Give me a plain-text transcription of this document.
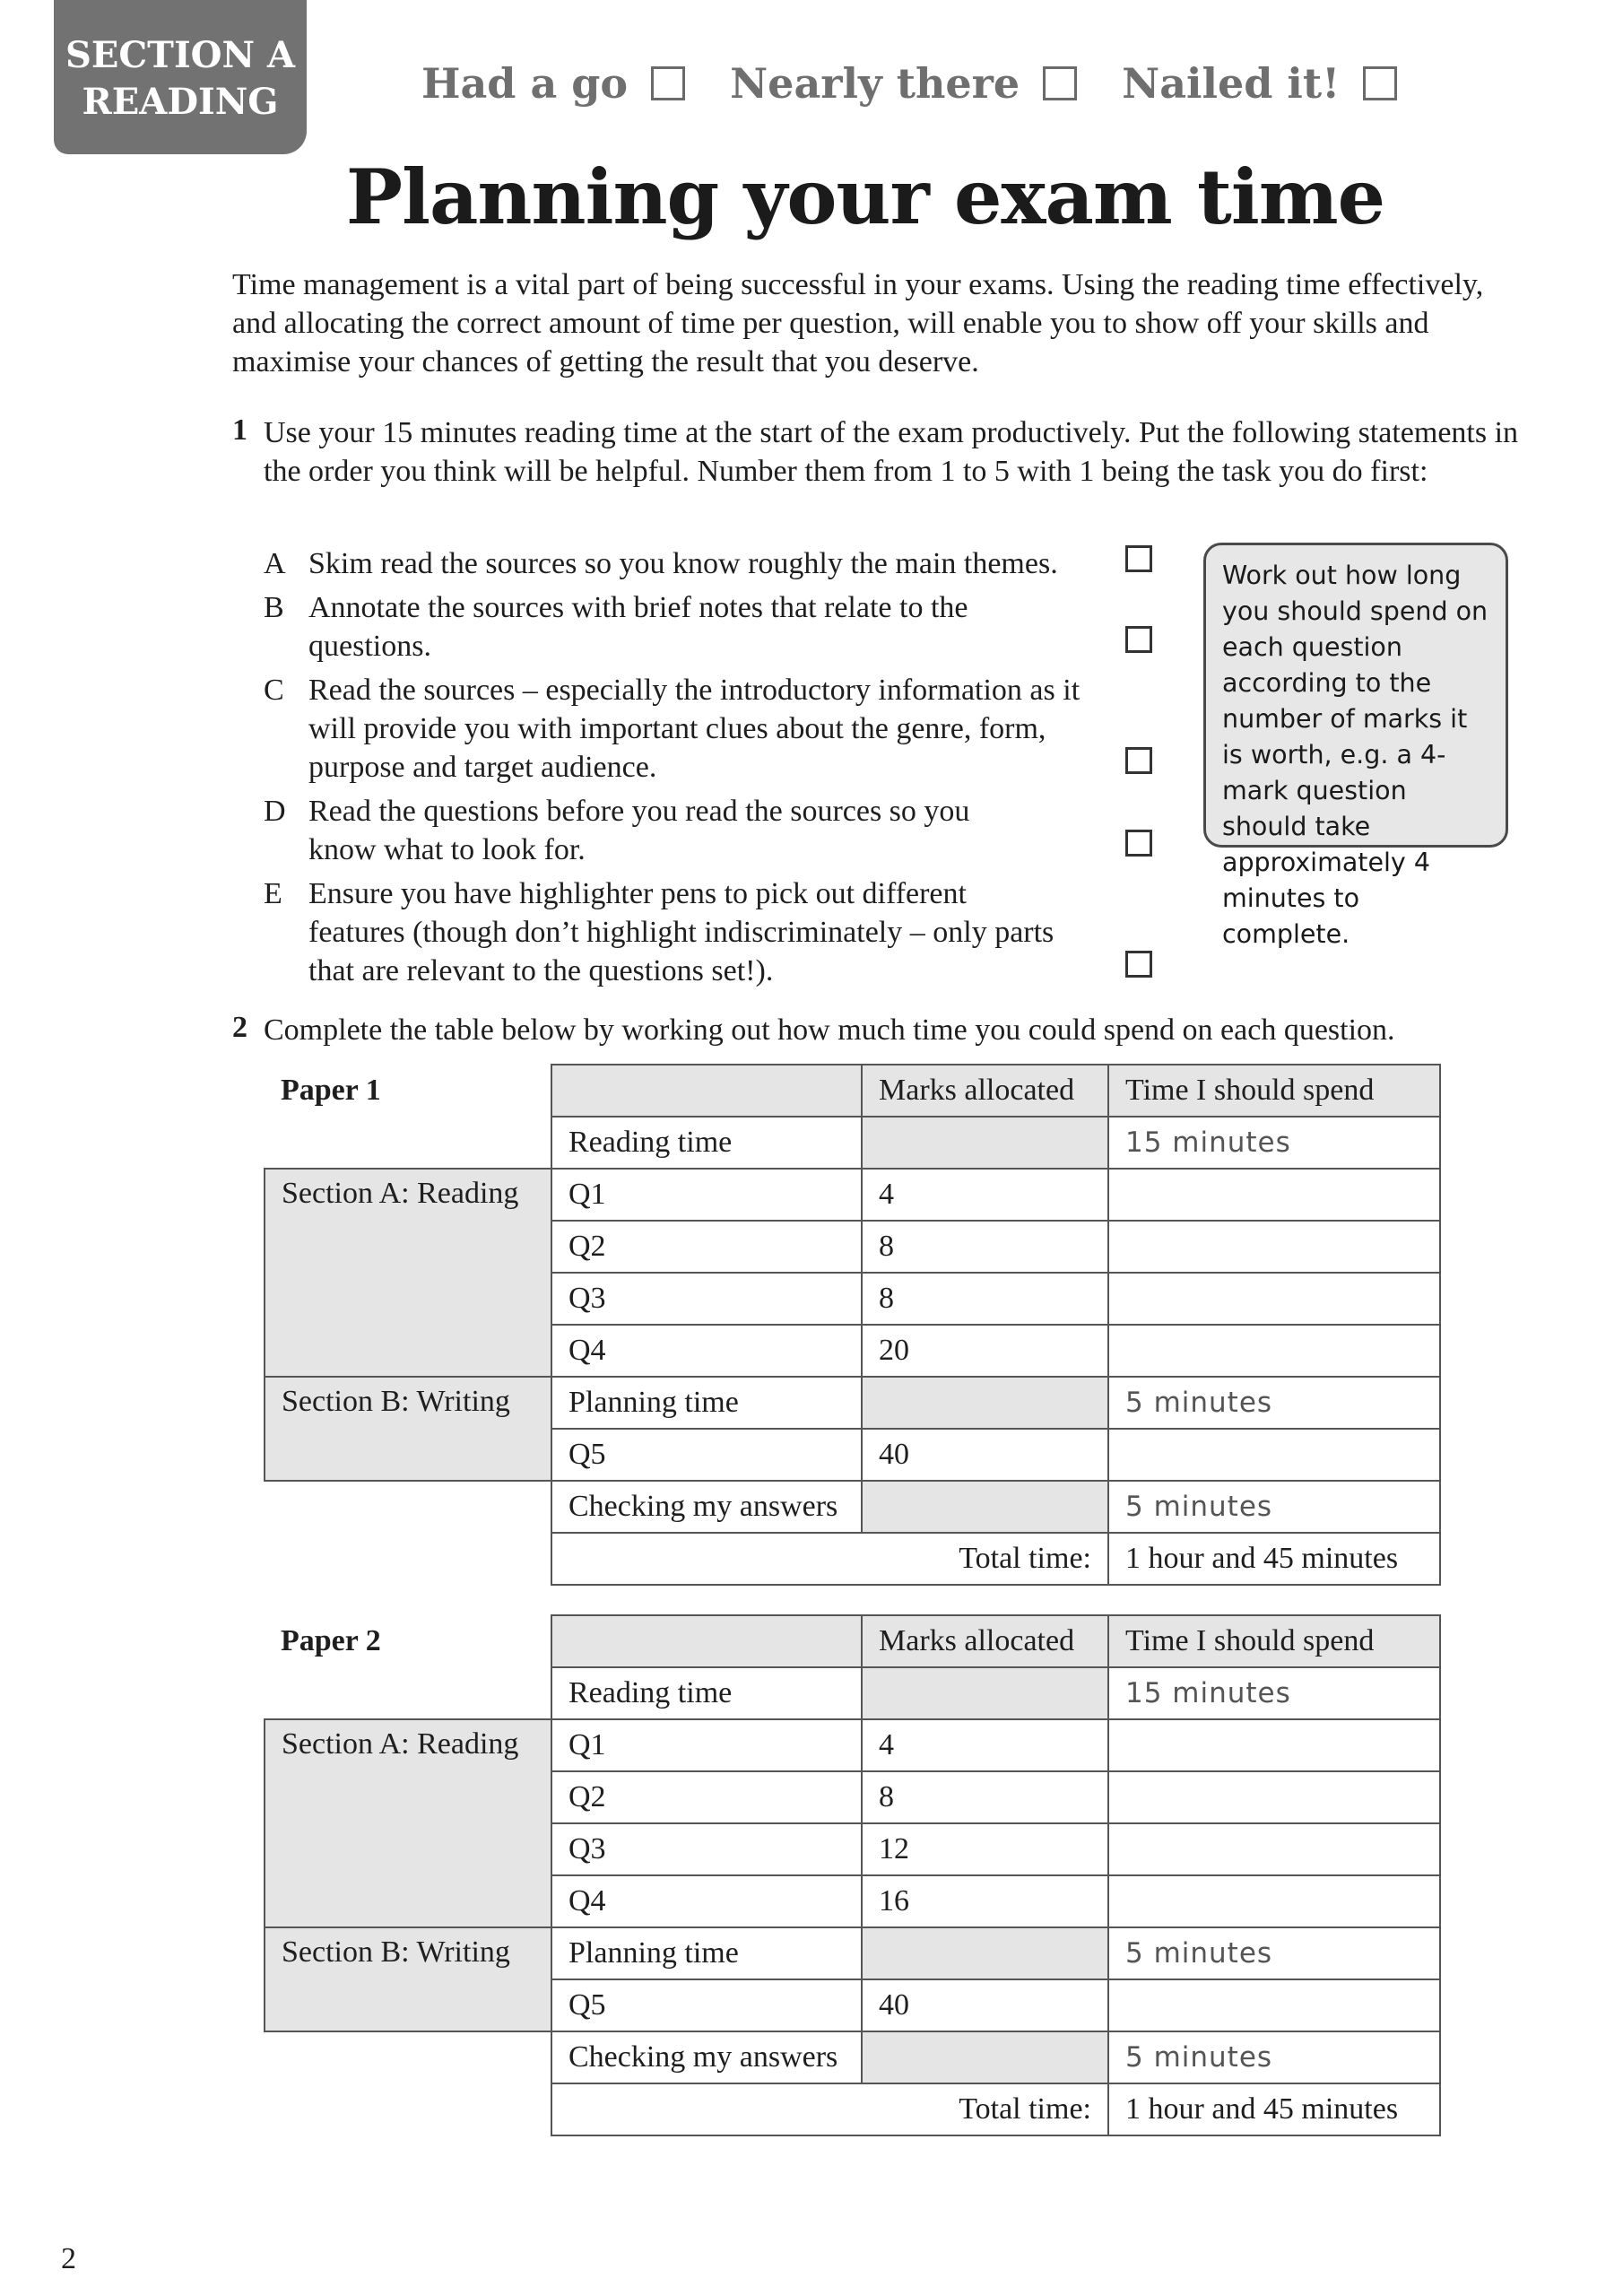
SECTION A
READING	Had a go Nearly there Nailed it!
Planning your exam time
Time management is a vital part of being successful in your exams. Using the reading time effectively, and allocating the correct amount of time per question, will enable you to show off your skills and maximise your chances of getting the result that you deserve.
1 Use your 15 minutes reading time at the start of the exam productively. Put the following statements in the order you think will be helpful. Number them from 1 to 5 with 1 being the task you do first:
A Skim read the sources so you know roughly the main themes.
B Annotate the sources with brief notes that relate to the questions.
C Read the sources – especially the introductory information as it will provide you with important clues about the genre, form, purpose and target audience.
D Read the questions before you read the sources so you know what to look for.
E Ensure you have highlighter pens to pick out different features (though don’t highlight indiscriminately – only parts that are relevant to the questions set!).
Work out how long you should spend on each question according to the number of marks it is worth, e.g. a 4-mark question should take approximately 4 minutes to complete.
2 Complete the table below by working out how much time you could spend on each question.
Paper 1		Marks allocated	Time I should spend
	Reading time		15 minutes
Section A: Reading	Q1	4	
	Q2	8	
	Q3	8	
	Q4	20	
Section B: Writing	Planning time		5 minutes
	Q5	40	
	Checking my answers		5 minutes
	Total time:		1 hour and 45 minutes
Paper 2		Marks allocated	Time I should spend
	Reading time		15 minutes
Section A: Reading	Q1	4	
	Q2	8	
	Q3	12	
	Q4	16	
Section B: Writing	Planning time		5 minutes
	Q5	40	
	Checking my answers		5 minutes
	Total time:		1 hour and 45 minutes
2
